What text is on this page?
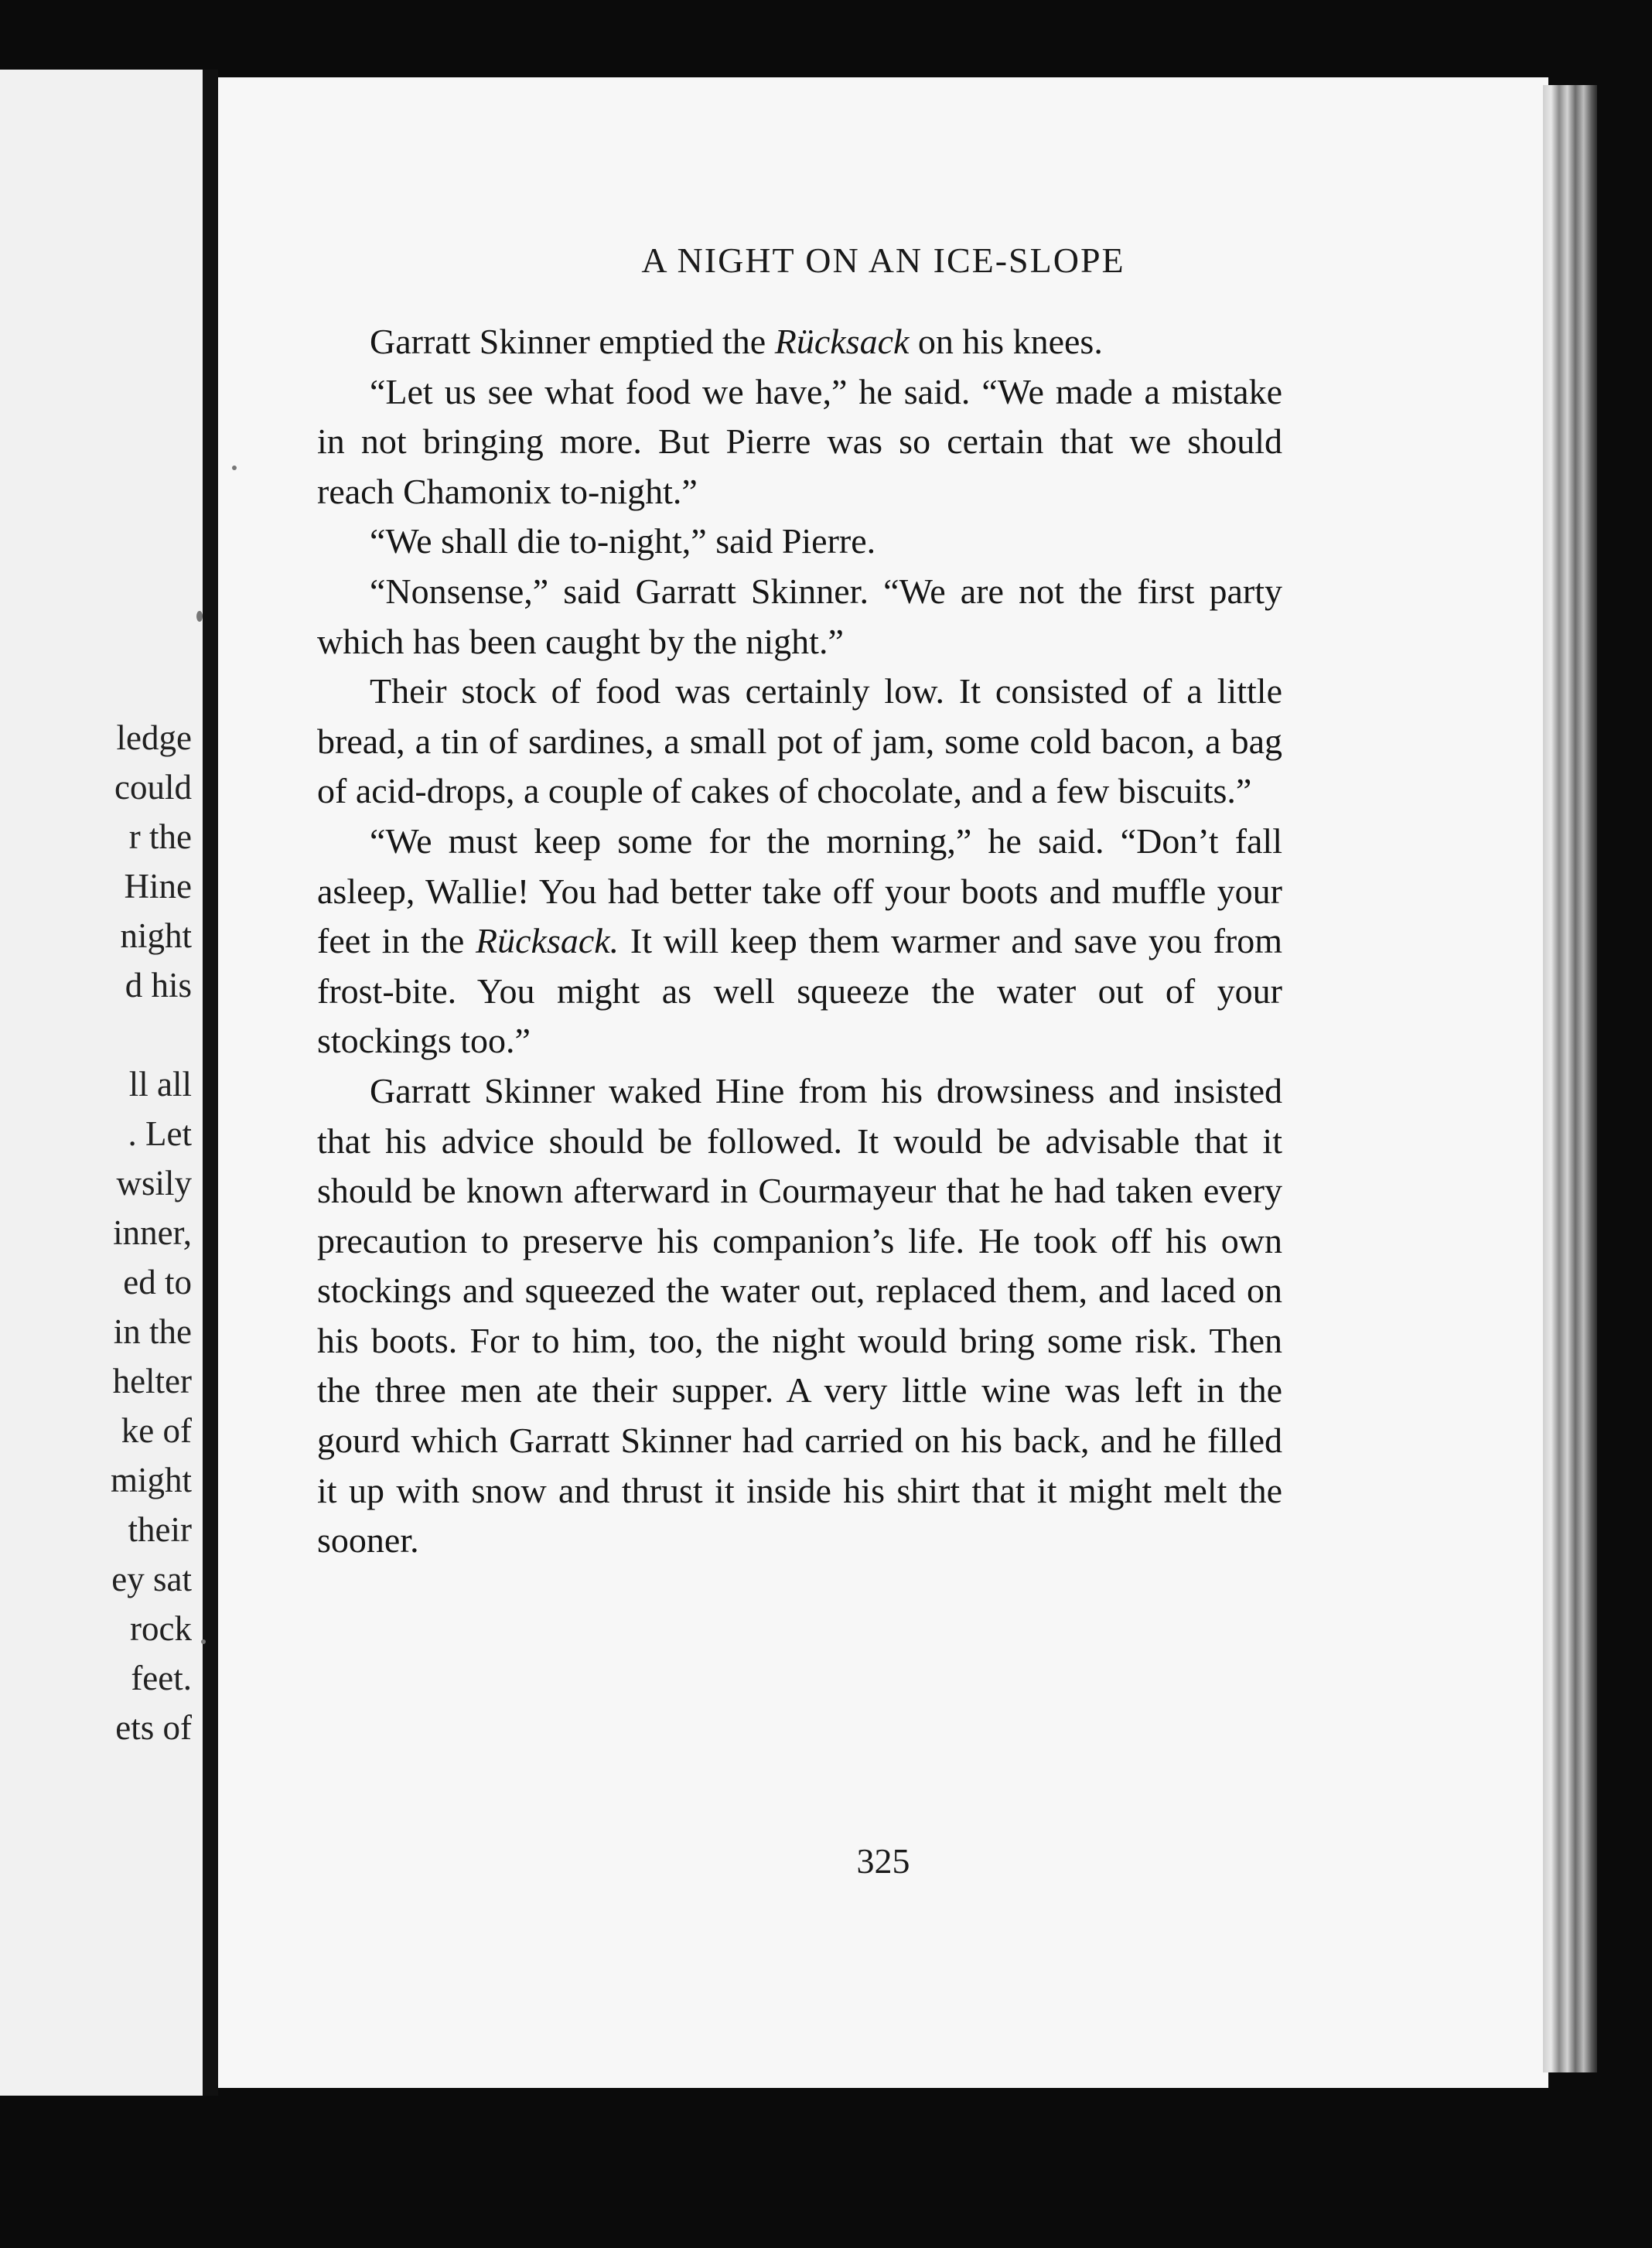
ledge
could
r the
Hine
night
d his
ll all
. Let
wsily
inner,
ed to
in the
helter
ke of
might
their
ey sat
rock
feet.
ets of
A NIGHT ON AN ICE-SLOPE

Garratt Skinner emptied the Rücksack on his knees.

“Let us see what food we have,” he said. “We made a mistake in not bringing more. But Pierre was so certain that we should reach Chamonix to-night.”

“We shall die to-night,” said Pierre.

“Nonsense,” said Garratt Skinner. “We are not the first party which has been caught by the night.”

Their stock of food was certainly low. It consisted of a little bread, a tin of sardines, a small pot of jam, some cold bacon, a bag of acid-drops, a couple of cakes of chocolate, and a few biscuits.”

“We must keep some for the morning,” he said. “Don’t fall asleep, Wallie! You had better take off your boots and muffle your feet in the Rücksack. It will keep them warmer and save you from frost-bite. You might as well squeeze the water out of your stockings too.”

Garratt Skinner waked Hine from his drowsiness and insisted that his advice should be followed. It would be advisable that it should be known afterward in Courmayeur that he had taken every precaution to preserve his companion’s life. He took off his own stockings and squeezed the water out, replaced them, and laced on his boots. For to him, too, the night would bring some risk. Then the three men ate their supper. A very little wine was left in the gourd which Garratt Skinner had carried on his back, and he filled it up with snow and thrust it inside his shirt that it might melt the sooner.

325
